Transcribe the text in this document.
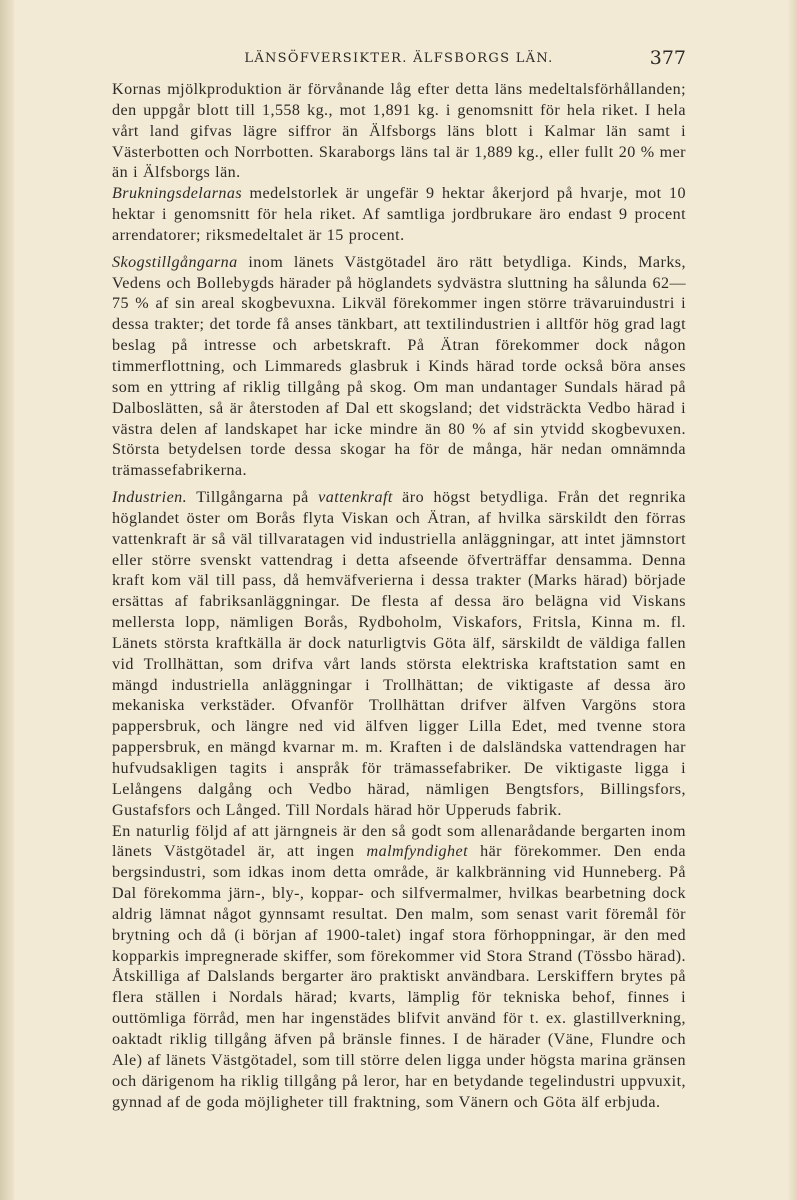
LÄNSÖFVERSIKTER. ÄLFSBORGS LÄN.	377

Kornas mjölkproduktion är förvånande låg efter detta läns medeltalsförhållanden; den uppgår blott till 1,558 kg., mot 1,891 kg. i genomsnitt för hela riket. I hela vårt land gifvas lägre siffror än Älfsborgs läns blott i Kalmar län samt i Västerbotten och Norrbotten. Skaraborgs läns tal är 1,889 kg., eller fullt 20 % mer än i Älfsborgs län.

Brukningsdelarnas medelstorlek är ungefär 9 hektar åkerjord på hvarje, mot 10 hektar i genomsnitt för hela riket. Af samtliga jordbrukare äro endast 9 procent arrendatorer; riksmedeltalet är 15 procent.

Skogstillgångarna inom länets Västgötadel äro rätt betydliga. Kinds, Marks, Vedens och Bollebygds härader på höglandets sydvästra sluttning ha sålunda 62—75 % af sin areal skogbevuxna. Likväl förekommer ingen större trävaruindustri i dessa trakter; det torde få anses tänkbart, att textilindustrien i alltför hög grad lagt beslag på intresse och arbetskraft. På Ätran förekommer dock någon timmerflottning, och Limmareds glasbruk i Kinds härad torde också böra anses som en yttring af riklig tillgång på skog. Om man undantager Sundals härad på Dalboslätten, så är återstoden af Dal ett skogsland; det vidsträckta Vedbo härad i västra delen af landskapet har icke mindre än 80 % af sin ytvidd skogbevuxen. Största betydelsen torde dessa skogar ha för de många, här nedan omnämnda trämassefabrikerna.

Industrien. Tillgångarna på vattenkraft äro högst betydliga. Från det regnrika höglandet öster om Borås flyta Viskan och Ätran, af hvilka särskildt den förras vattenkraft är så väl tillvaratagen vid industriella anläggningar, att intet jämnstort eller större svenskt vattendrag i detta afseende öfverträffar densamma. Denna kraft kom väl till pass, då hemväfverierna i dessa trakter (Marks härad) började ersättas af fabriksanläggningar. De flesta af dessa äro belägna vid Viskans mellersta lopp, nämligen Borås, Rydboholm, Viskafors, Fritsla, Kinna m. fl. Länets största kraftkälla är dock naturligtvis Göta älf, särskildt de väldiga fallen vid Trollhättan, som drifva vårt lands största elektriska kraftstation samt en mängd industriella anläggningar i Trollhättan; de viktigaste af dessa äro mekaniska verkstäder. Ofvanför Trollhättan drifver älfven Vargöns stora pappersbruk, och längre ned vid älfven ligger Lilla Edet, med tvenne stora pappersbruk, en mängd kvarnar m. m. Kraften i de dalsländska vattendragen har hufvudsakligen tagits i anspråk för trämassefabriker. De viktigaste ligga i Lelångens dalgång och Vedbo härad, nämligen Bengtsfors, Billingsfors, Gustafsfors och Långed. Till Nordals härad hör Upperuds fabrik.

En naturlig följd af att järngneis är den så godt som allenarådande bergarten inom länets Västgötadel är, att ingen malmfyndighet här förekommer. Den enda bergsindustri, som idkas inom detta område, är kalkbränning vid Hunneberg. På Dal förekomma järn-, bly-, koppar- och silfvermalmer, hvilkas bearbetning dock aldrig lämnat något gynnsamt resultat. Den malm, som senast varit föremål för brytning och då (i början af 1900-talet) ingaf stora förhoppningar, är den med kopparkis impregnerade skiffer, som förekommer vid Stora Strand (Tössbo härad). Åtskilliga af Dalslands bergarter äro praktiskt användbara. Lerskiffern brytes på flera ställen i Nordals härad; kvarts, lämplig för tekniska behof, finnes i outtömliga förråd, men har ingenstädes blifvit använd för t. ex. glastillverkning, oaktadt riklig tillgång äfven på bränsle finnes. I de härader (Väne, Flundre och Ale) af länets Västgötadel, som till större delen ligga under högsta marina gränsen och därigenom ha riklig tillgång på leror, har en betydande tegelindustri uppvuxit, gynnad af de goda möjligheter till fraktning, som Vänern och Göta älf erbjuda.
